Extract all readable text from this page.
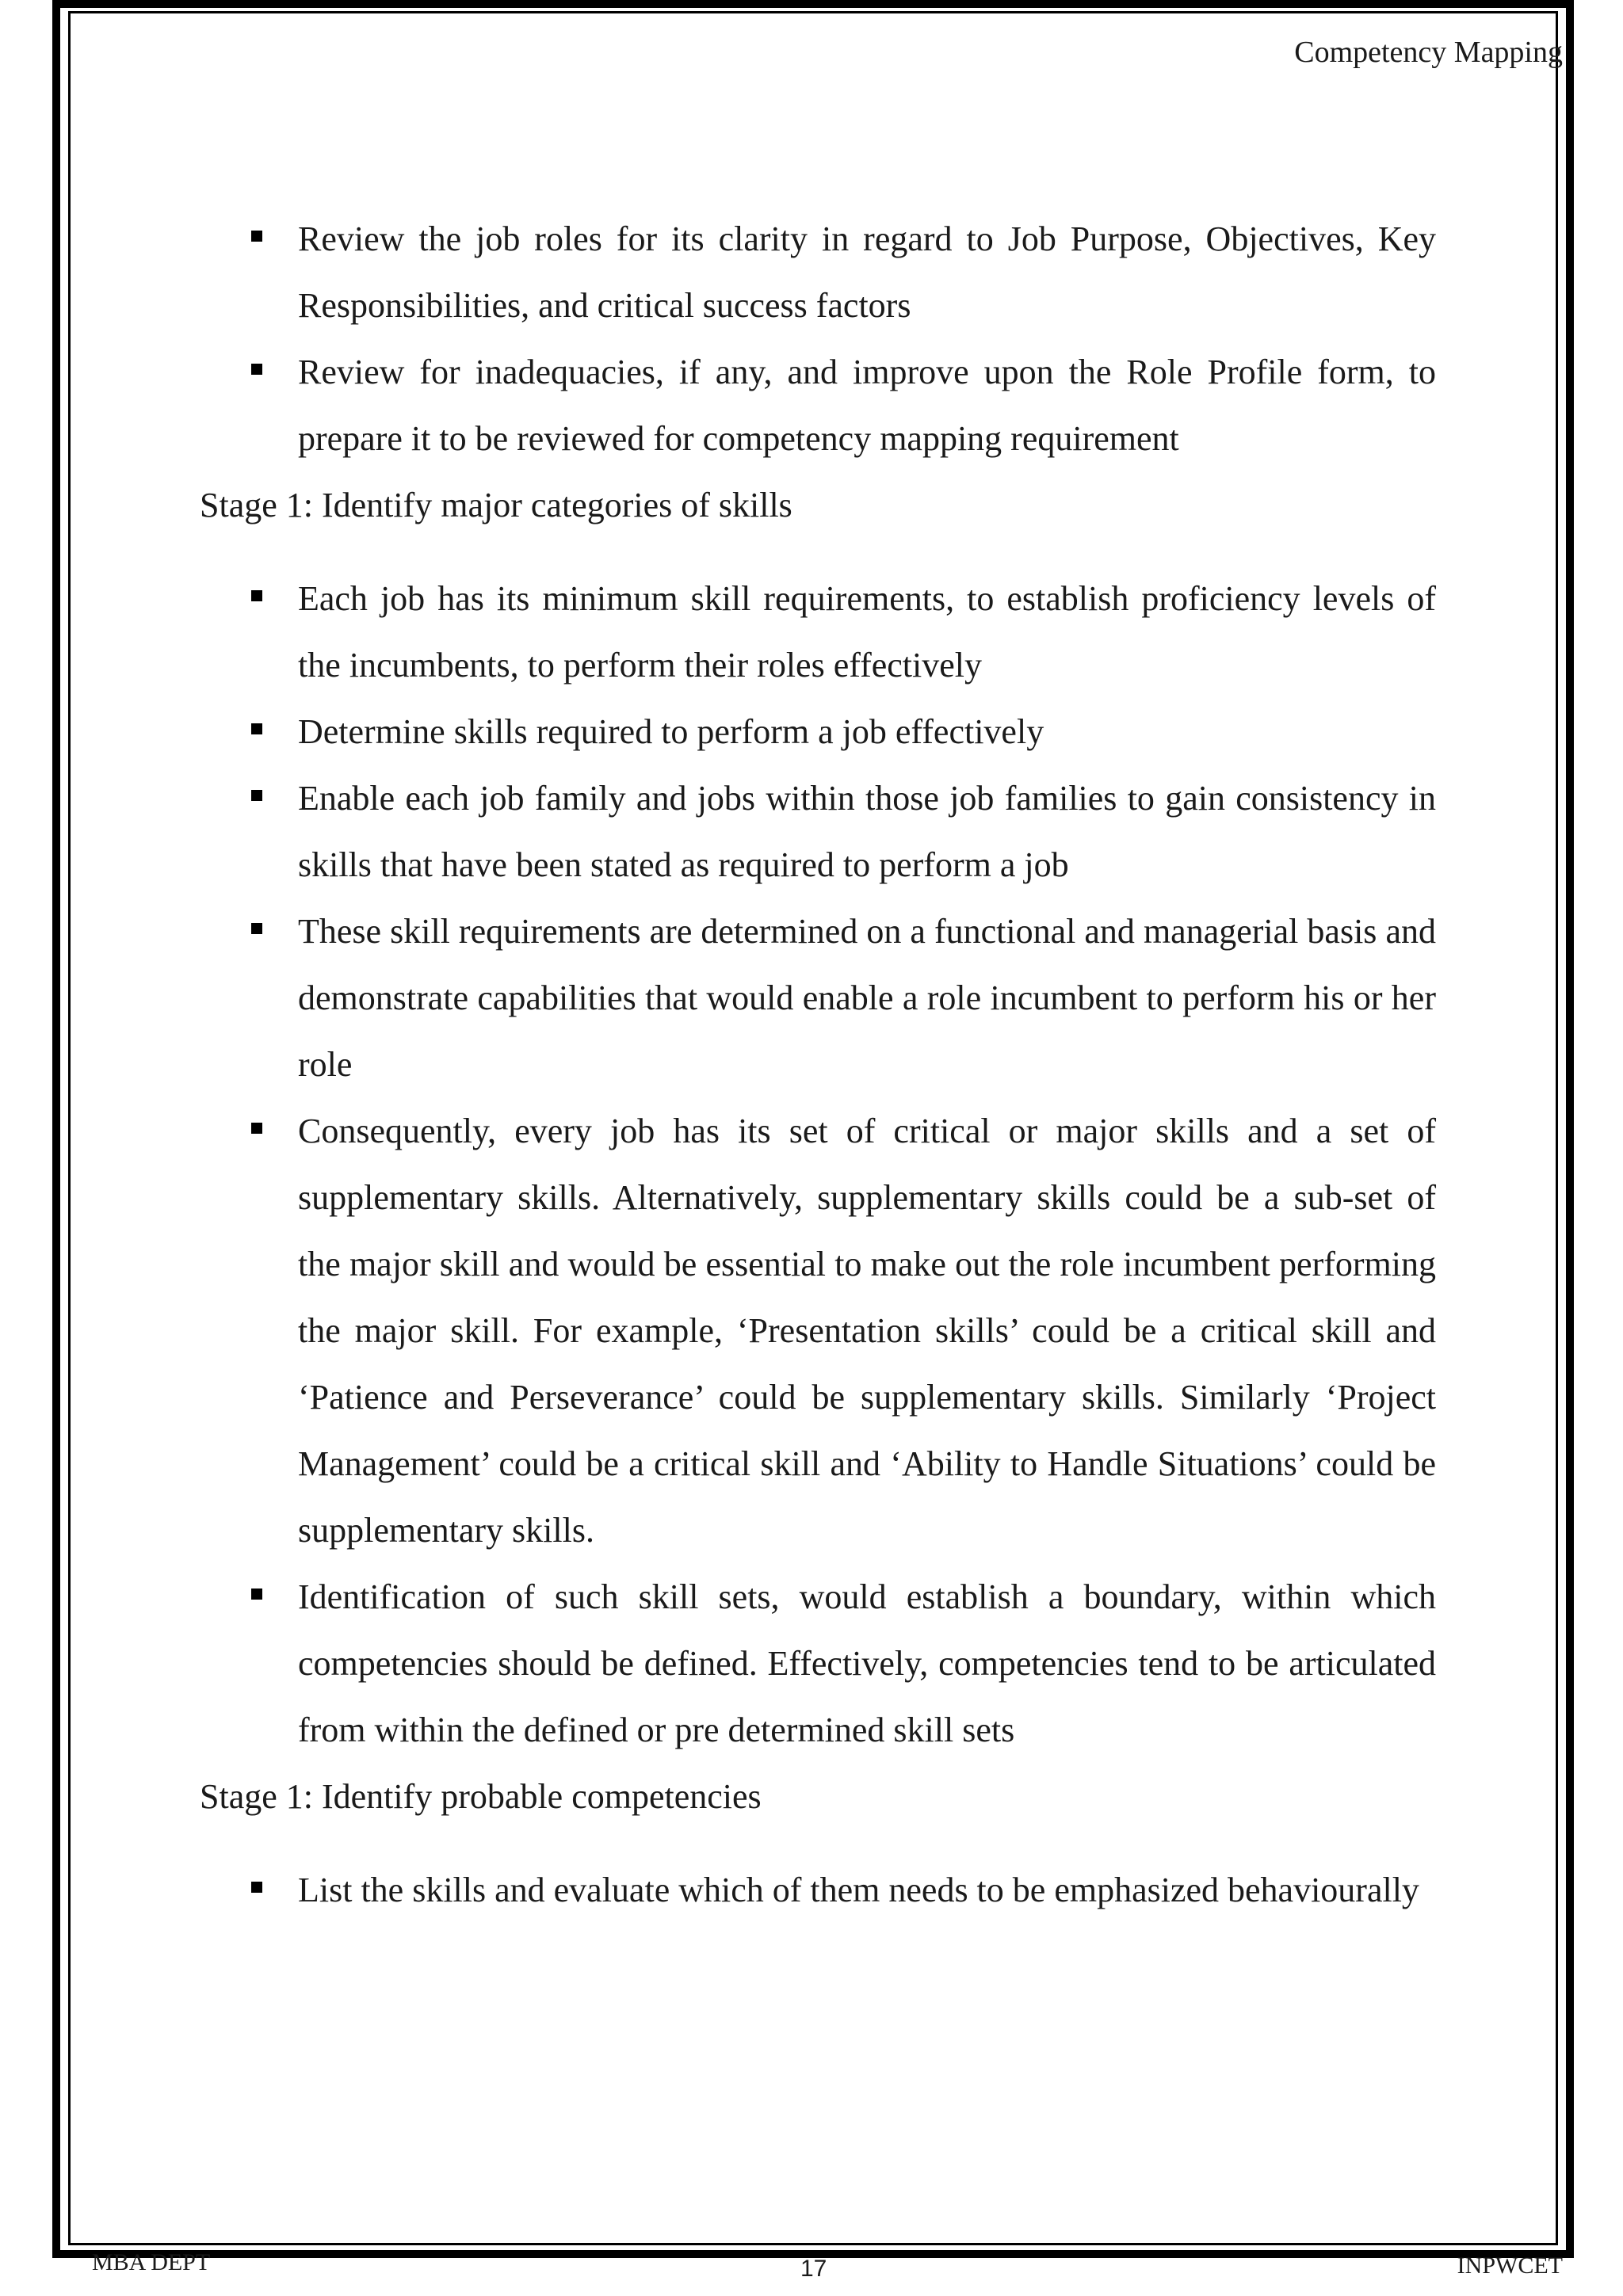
Competency Mapping
Review the job roles for its clarity in regard to Job Purpose, Objectives, Key Responsibilities, and critical success factors
Review for inadequacies, if any, and improve upon the Role Profile form, to prepare it to be reviewed for competency mapping requirement
Stage 1: Identify major categories of skills
Each job has its minimum skill requirements, to establish proficiency levels of the incumbents, to perform their roles effectively
Determine skills required to perform a job effectively
Enable each job family and jobs within those job families to gain consistency in skills that have been stated as required to perform a job
These skill requirements are determined on a functional and managerial basis and demonstrate capabilities that would enable a role incumbent to perform his or her role
Consequently, every job has its set of critical or major skills and a set of supplementary skills. Alternatively, supplementary skills could be a sub-set of the major skill and would be essential to make out the role incumbent performing the major skill. For example, ‘Presentation skills’ could be a critical skill and ‘Patience and Perseverance’ could be supplementary skills. Similarly ‘Project Management’ could be a critical skill and ‘Ability to Handle Situations’ could be supplementary skills.
Identification of such skill sets, would establish a boundary, within which competencies should be defined. Effectively, competencies tend to be articulated from within the defined or pre determined skill sets
Stage 1: Identify probable competencies
List the skills and evaluate which of them needs to be emphasized behaviourally
MBA DEPT	17	INPWCET
